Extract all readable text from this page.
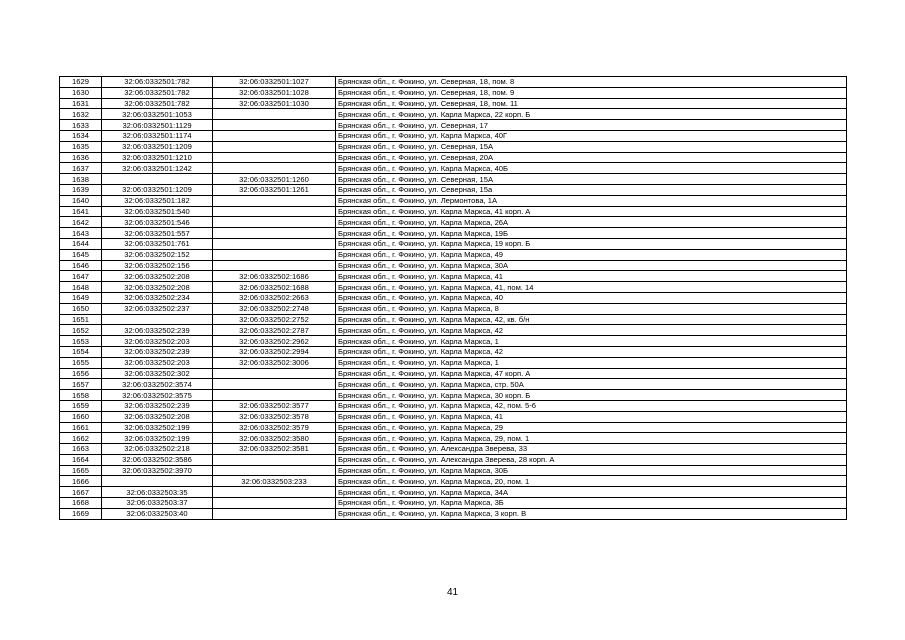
1629	32:06:0332501:782	32:06:0332501:1027	Брянская обл., г. Фокино, ул. Северная, 18, пом. 8
1630	32:06:0332501:782	32:06:0332501:1028	Брянская обл., г. Фокино, ул. Северная, 18, пом. 9
1631	32:06:0332501:782	32:06:0332501:1030	Брянская обл., г. Фокино, ул. Северная, 18, пом. 11
1632	32:06:0332501:1053		Брянская обл., г. Фокино, ул. Карла Маркса, 22 корп. Б
1633	32:06:0332501:1129		Брянская обл., г. Фокино, ул. Северная, 17
1634	32:06:0332501:1174		Брянская обл., г. Фокино, ул. Карла Маркса, 40Г
1635	32:06:0332501:1209		Брянская обл., г. Фокино, ул. Северная, 15А
1636	32:06:0332501:1210		Брянская обл., г. Фокино, ул. Северная, 20А
1637	32:06:0332501:1242		Брянская обл., г. Фокино, ул. Карла Маркса, 40Б
1638		32:06:0332501:1260	Брянская обл., г. Фокино, ул. Северная, 15А
1639	32:06:0332501:1209	32:06:0332501:1261	Брянская обл., г. Фокино, ул. Северная, 15а
1640	32:06:0332501:182		Брянская обл., г. Фокино, ул. Лермонтова, 1А
1641	32:06:0332501:540		Брянская обл., г. Фокино, ул. Карла Маркса, 41 корп. А
1642	32:06:0332501:546		Брянская обл., г. Фокино, ул. Карла Маркса, 26А
1643	32:06:0332501:557		Брянская обл., г. Фокино, ул. Карла Маркса, 19Б
1644	32:06:0332501:761		Брянская обл., г. Фокино, ул. Карла Маркса, 19 корп. Б
1645	32:06:0332502:152		Брянская обл., г. Фокино, ул. Карла Маркса, 49
1646	32:06:0332502:156		Брянская обл., г. Фокино, ул. Карла Маркса, 30А
1647	32:06:0332502:208	32:06:0332502:1686	Брянская обл., г. Фокино, ул. Карла Маркса, 41
1648	32:06:0332502:208	32:06:0332502:1688	Брянская обл., г. Фокино, ул. Карла Маркса, 41, пом. 14
1649	32:06:0332502:234	32:06:0332502:2663	Брянская обл., г. Фокино, ул. Карла Маркса, 40
1650	32:06:0332502:237	32:06:0332502:2748	Брянская обл., г. Фокино, ул. Карла Маркса, 8
1651		32:06:0332502:2752	Брянская обл., г. Фокино, ул. Карла Маркса, 42, кв. б/н
1652	32:06:0332502:239	32:06:0332502:2787	Брянская обл., г. Фокино, ул. Карла Маркса, 42
1653	32:06:0332502:203	32:06:0332502:2962	Брянская обл., г. Фокино, ул. Карла Маркса, 1
1654	32:06:0332502:239	32:06:0332502:2994	Брянская обл., г. Фокино, ул. Карла Маркса, 42
1655	32:06:0332502:203	32:06:0332502:3006	Брянская обл., г. Фокино, ул. Карла Маркса, 1
1656	32:06:0332502:302		Брянская обл., г. Фокино, ул. Карла Маркса, 47 корп. А
1657	32:06:0332502:3574		Брянская обл., г. Фокино, ул. Карла Маркса, стр. 50А
1658	32:06:0332502:3575		Брянская обл., г. Фокино, ул. Карла Маркса, 30 корп. Б
1659	32:06:0332502:239	32:06:0332502:3577	Брянская обл., г. Фокино, ул. Карла Маркса, 42, пом. 5-6
1660	32:06:0332502:208	32:06:0332502:3578	Брянская обл., г. Фокино, ул. Карла Маркса, 41
1661	32:06:0332502:199	32:06:0332502:3579	Брянская обл., г. Фокино, ул. Карла Маркса, 29
1662	32:06:0332502:199	32:06:0332502:3580	Брянская обл., г. Фокино, ул. Карла Маркса, 29, пом. 1
1663	32:06:0332502:218	32:06:0332502:3581	Брянская обл., г. Фокино, ул. Александра Зверева, 33
1664	32:06:0332502:3586		Брянская обл., г. Фокино, ул. Александра Зверева, 28 корп. А
1665	32:06:0332502:3970		Брянская обл., г. Фокино, ул. Карла Маркса, 30Б
1666		32:06:0332503:233	Брянская обл., г. Фокино, ул. Карла Маркса, 20, пом. 1
1667	32:06:0332503:35		Брянская обл., г. Фокино, ул. Карла Маркса, 34А
1668	32:06:0332503:37		Брянская обл., г. Фокино, ул. Карла Маркса, 3Б
1669	32:06:0332503:40		Брянская обл., г. Фокино, ул. Карла Маркса, 3 корп. В
41
